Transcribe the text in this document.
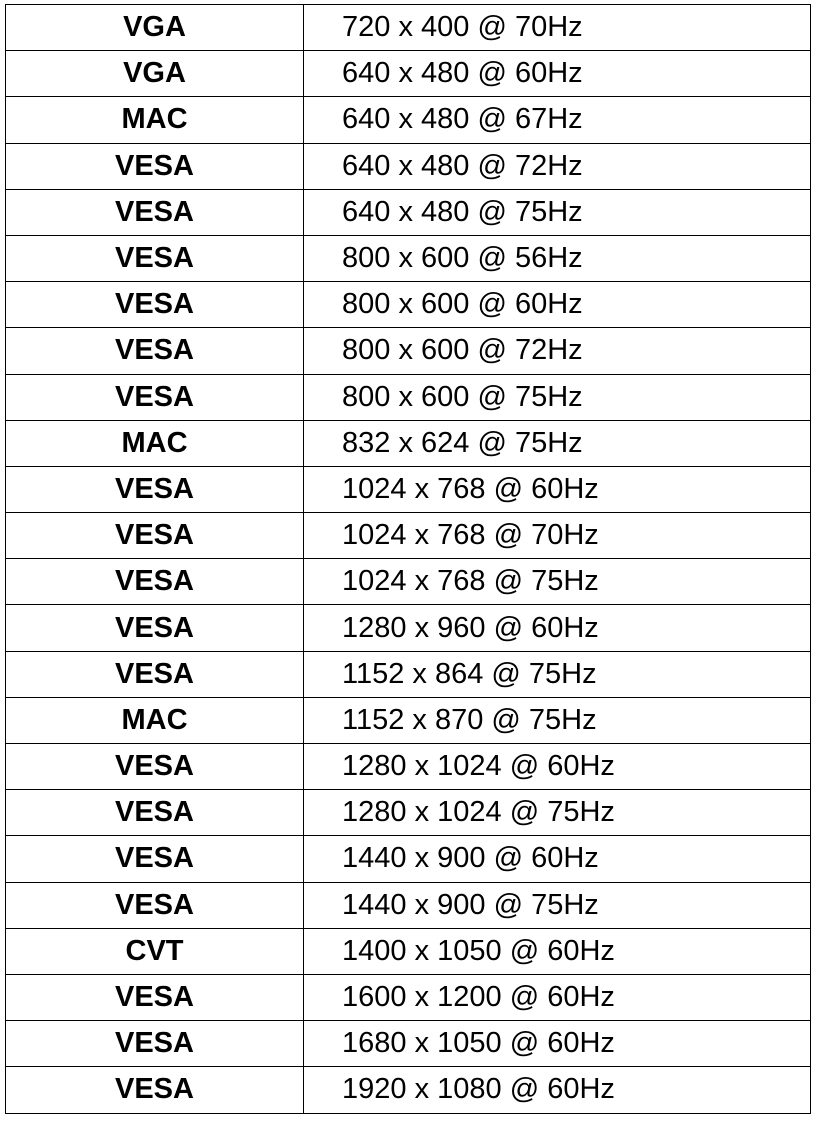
VGA	720 x 400 @ 70Hz
VGA	640 x 480 @ 60Hz
MAC	640 x 480 @ 67Hz
VESA	640 x 480 @ 72Hz
VESA	640 x 480 @ 75Hz
VESA	800 x 600 @ 56Hz
VESA	800 x 600 @ 60Hz
VESA	800 x 600 @ 72Hz
VESA	800 x 600 @ 75Hz
MAC	832 x 624 @ 75Hz
VESA	1024 x 768 @ 60Hz
VESA	1024 x 768 @ 70Hz
VESA	1024 x 768 @ 75Hz
VESA	1280 x 960 @ 60Hz
VESA	1152 x 864 @ 75Hz
MAC	1152 x 870 @ 75Hz
VESA	1280 x 1024 @ 60Hz
VESA	1280 x 1024 @ 75Hz
VESA	1440 x 900 @ 60Hz
VESA	1440 x 900 @ 75Hz
CVT	1400 x 1050 @ 60Hz
VESA	1600 x 1200 @ 60Hz
VESA	1680 x 1050 @ 60Hz
VESA	1920 x 1080 @ 60Hz
